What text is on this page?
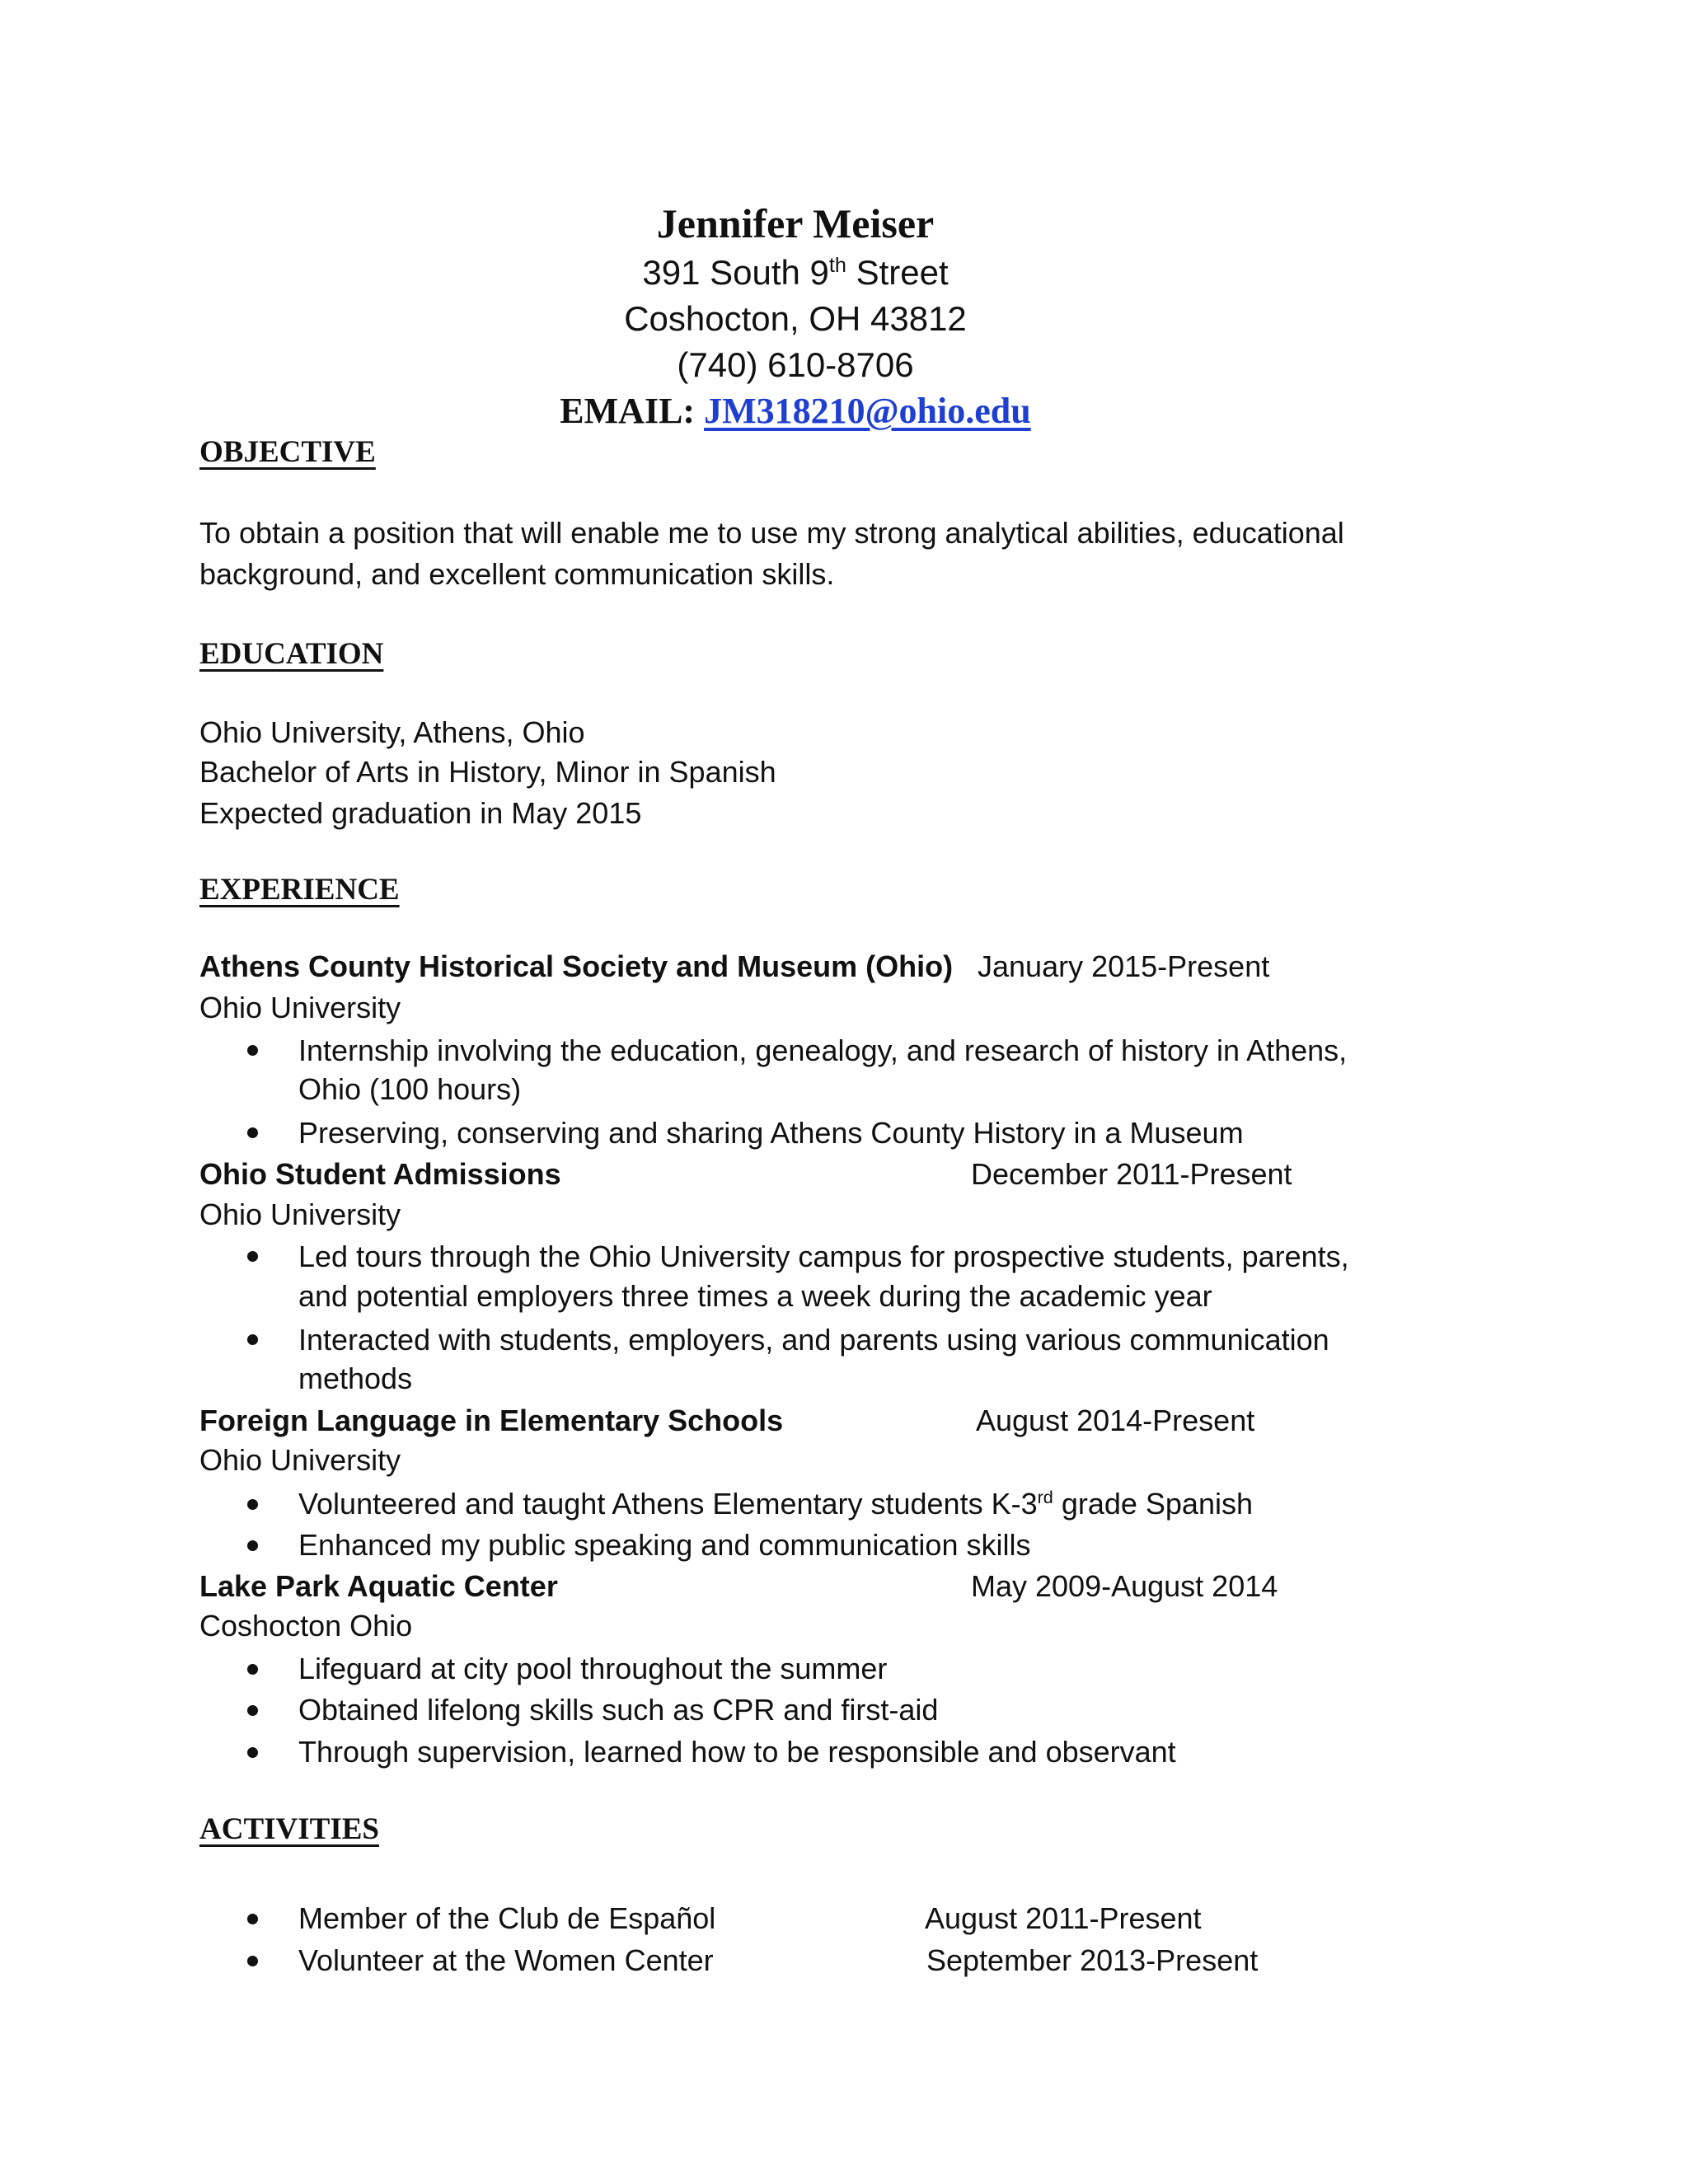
Jennifer Meiser
391 South 9th Street
Coshocton, OH 43812
(740) 610-8706
EMAIL: JM318210@ohio.edu
OBJECTIVE
To obtain a position that will enable me to use my strong analytical abilities, educational
background, and excellent communication skills.
EDUCATION
Ohio University, Athens, Ohio
Bachelor of Arts in History, Minor in Spanish
Expected graduation in May 2015
EXPERIENCE
Athens County Historical Society and Museum (Ohio) January 2015-Present
Ohio University
Internship involving the education, genealogy, and research of history in Athens,
Ohio (100 hours)
Preserving, conserving and sharing Athens County History in a Museum
Ohio Student Admissions	December 2011-Present
Ohio University
Led tours through the Ohio University campus for prospective students, parents,
and potential employers three times a week during the academic year
Interacted with students, employers, and parents using various communication
methods
Foreign Language in Elementary Schools	August 2014-Present
Ohio University
Volunteered and taught Athens Elementary students K-3rd grade Spanish
Enhanced my public speaking and communication skills
Lake Park Aquatic Center	May 2009-August 2014
Coshocton Ohio
Lifeguard at city pool throughout the summer
Obtained lifelong skills such as CPR and first-aid
Through supervision, learned how to be responsible and observant
ACTIVITIES
Member of the Club de Español	August 2011-Present
Volunteer at the Women Center	September 2013-Present
